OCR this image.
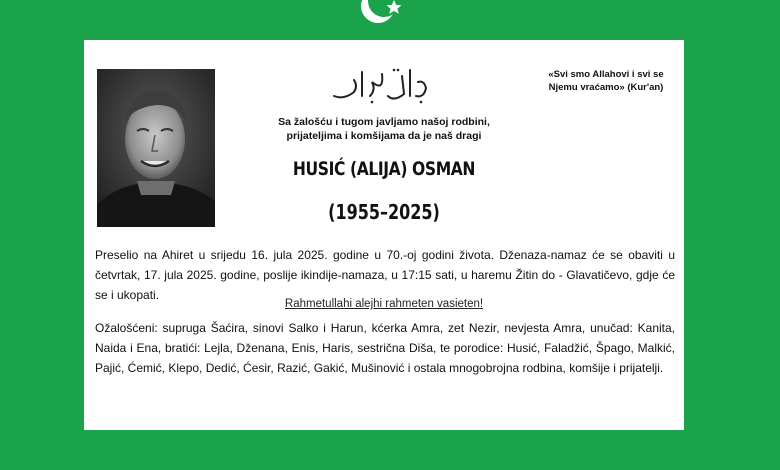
«Svi smo Allahovi i svi se
Njemu vraćamo» (Kur'an)
Sa žalošću i tugom javljamo našoj rodbini,
prijateljima i komšijama da je naš dragi
HUSIĆ (ALIJA) OSMAN
(1955–2025)
Preselio na Ahiret u srijedu 16. jula 2025. godine u 70.-oj godini života. Dženaza-namaz će se obaviti u četvrtak, 17. jula 2025. godine, poslije ikindije-namaza, u 17:15 sati, u haremu Žitin do - Glavatičevo, gdje će se i ukopati.
Rahmetullahi alejhi rahmeten vasieten!
Ožalošćeni: supruga Šaćira, sinovi Salko i Harun, kćerka Amra, zet Nezir, nevjesta Amra, unučad: Kanita, Naida i Ena, bratići: Lejla, Dženana, Enis, Haris, sestrična Diša, te porodice: Husić, Faladžić, Špago, Malkić, Pajić, Ćemić, Klepo, Dedić, Ćesir, Razić, Gakić, Mušinović i ostala mnogobrojna rodbina, komšije i prijatelji.
